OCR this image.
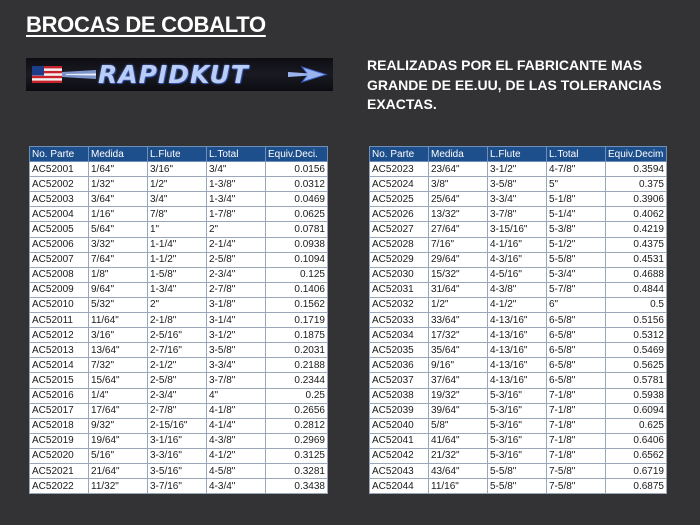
BROCAS DE COBALTO
RAPIDKUT	REALIZADAS POR EL FABRICANTE MAS GRANDE DE EE.UU, DE LAS TOLERANCIAS EXACTAS.
No. Parte	Medida	L.Flute	L.Total	Equiv.Deci.
AC52001	1/64"	3/16"	3/4"	0.0156
AC52002	1/32"	1/2"	1-3/8"	0.0312
AC52003	3/64"	3/4"	1-3/4"	0.0469
AC52004	1/16"	7/8"	1-7/8"	0.0625
AC52005	5/64"	1"	2"	0.0781
AC52006	3/32"	1-1/4"	2-1/4"	0.0938
AC52007	7/64"	1-1/2"	2-5/8"	0.1094
AC52008	1/8"	1-5/8"	2-3/4"	0.125
AC52009	9/64"	1-3/4"	2-7/8"	0.1406
AC52010	5/32"	2"	3-1/8"	0.1562
AC52011	11/64"	2-1/8"	3-1/4"	0.1719
AC52012	3/16"	2-5/16"	3-1/2"	0.1875
AC52013	13/64"	2-7/16"	3-5/8"	0.2031
AC52014	7/32"	2-1/2"	3-3/4"	0.2188
AC52015	15/64"	2-5/8"	3-7/8"	0.2344
AC52016	1/4"	2-3/4"	4"	0.25
AC52017	17/64"	2-7/8"	4-1/8"	0.2656
AC52018	9/32"	2-15/16"	4-1/4"	0.2812
AC52019	19/64"	3-1/16"	4-3/8"	0.2969
AC52020	5/16"	3-3/16"	4-1/2"	0.3125
AC52021	21/64"	3-5/16"	4-5/8"	0.3281
AC52022	11/32"	3-7/16"	4-3/4"	0.3438
No. Parte	Medida	L.Flute	L.Total	Equiv.Decim
AC52023	23/64"	3-1/2"	4-7/8"	0.3594
AC52024	3/8"	3-5/8"	5"	0.375
AC52025	25/64"	3-3/4"	5-1/8"	0.3906
AC52026	13/32"	3-7/8"	5-1/4"	0.4062
AC52027	27/64"	3-15/16"	5-3/8"	0.4219
AC52028	7/16"	4-1/16"	5-1/2"	0.4375
AC52029	29/64"	4-3/16"	5-5/8"	0.4531
AC52030	15/32"	4-5/16"	5-3/4"	0.4688
AC52031	31/64"	4-3/8"	5-7/8"	0.4844
AC52032	1/2"	4-1/2"	6"	0.5
AC52033	33/64"	4-13/16"	6-5/8"	0.5156
AC52034	17/32"	4-13/16"	6-5/8"	0.5312
AC52035	35/64"	4-13/16"	6-5/8"	0.5469
AC52036	9/16"	4-13/16"	6-5/8"	0.5625
AC52037	37/64"	4-13/16"	6-5/8"	0.5781
AC52038	19/32"	5-3/16"	7-1/8"	0.5938
AC52039	39/64"	5-3/16"	7-1/8"	0.6094
AC52040	5/8"	5-3/16"	7-1/8"	0.625
AC52041	41/64"	5-3/16"	7-1/8"	0.6406
AC52042	21/32"	5-3/16"	7-1/8"	0.6562
AC52043	43/64"	5-5/8"	7-5/8"	0.6719
AC52044	11/16"	5-5/8"	7-5/8"	0.6875
